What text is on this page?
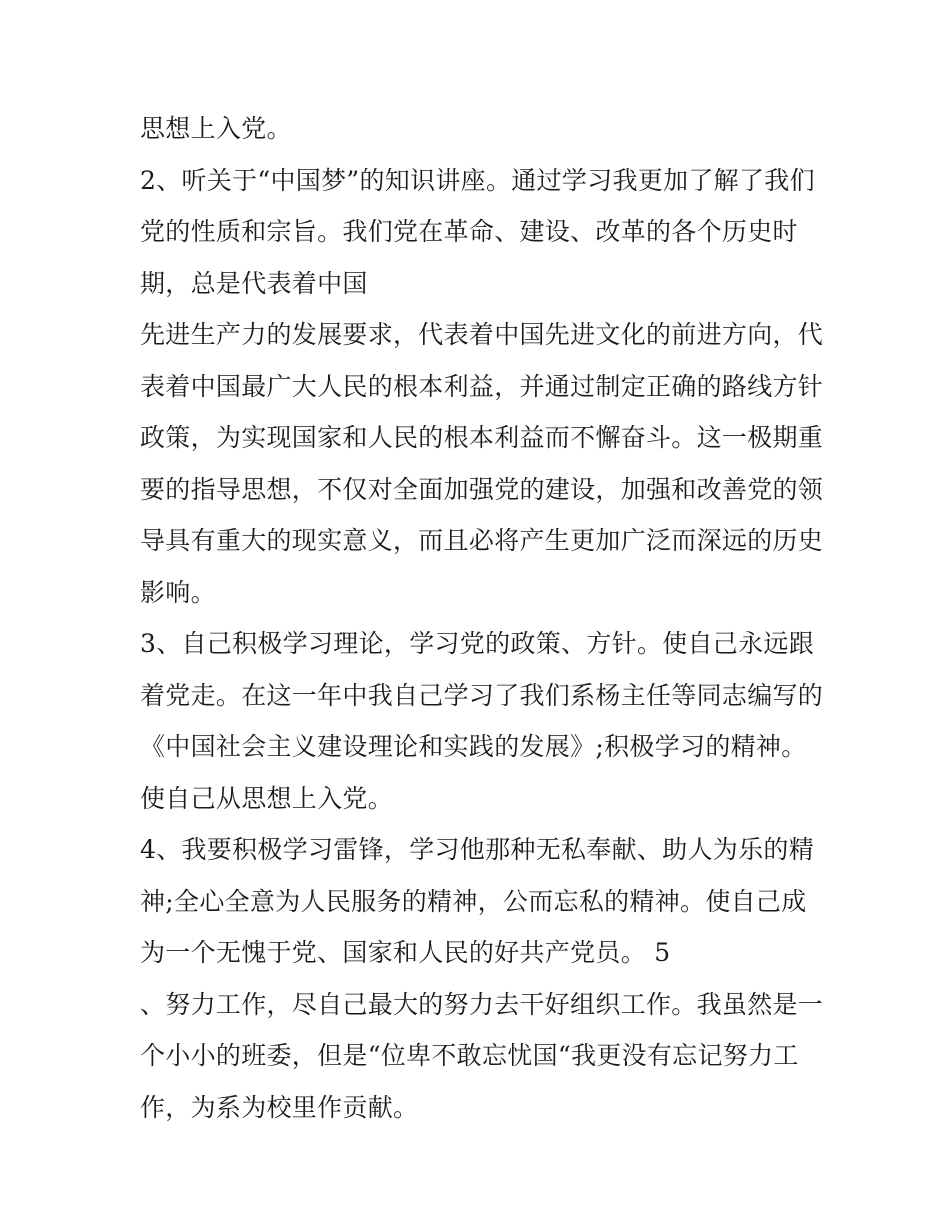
思想上入党。

2、听关于“中国梦”的知识讲座。通过学习我更加了解了我们

党的性质和宗旨。我们党在革命、建设、改革的各个历史时

期，总是代表着中国

先进生产力的发展要求，代表着中国先进文化的前进方向，代

表着中国最广大人民的根本利益，并通过制定正确的路线方针

政策，为实现国家和人民的根本利益而不懈奋斗。这一极期重

要的指导思想，不仅对全面加强党的建设，加强和改善党的领

导具有重大的现实意义，而且必将产生更加广泛而深远的历史

影响。

3、自己积极学习理论，学习党的政策、方针。使自己永远跟

着党走。在这一年中我自己学习了我们系杨主任等同志编写的

《中国社会主义建设理论和实践的发展》;积极学习的精神。

使自己从思想上入党。

4、我要积极学习雷锋，学习他那种无私奉献、助人为乐的精

神;全心全意为人民服务的精神，公而忘私的精神。使自己成

为一个无愧于党、国家和人民的好共产党员。 5

、努力工作，尽自己最大的努力去干好组织工作。我虽然是一

个小小的班委，但是“位卑不敢忘忧国“我更没有忘记努力工

作，为系为校里作贡献。
